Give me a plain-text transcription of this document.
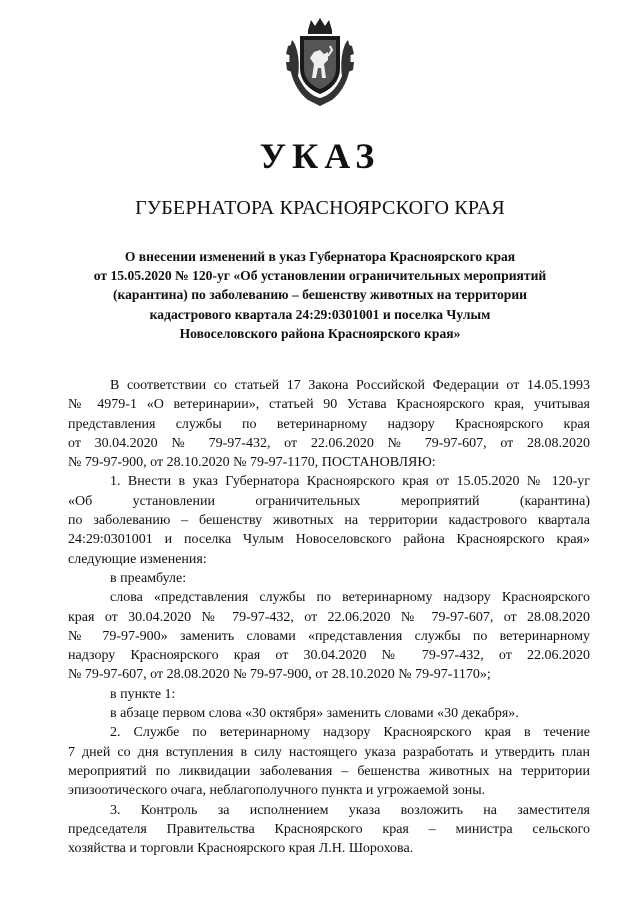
УКАЗ
ГУБЕРНАТОРА КРАСНОЯРСКОГО КРАЯ
О внесении изменений в указ Губернатора Красноярского края
от 15.05.2020 № 120-уг «Об установлении ограничительных мероприятий
(карантина) по заболеванию – бешенству животных на территории
кадастрового квартала 24:29:0301001 и поселка Чулым
Новоселовского района Красноярского края»
В соответствии со статьей 17 Закона Российской Федерации от 14.05.1993
№ 4979-1 «О ветеринарии», статьей 90 Устава Красноярского края, учитывая
представления службы по ветеринарному надзору Красноярского края
от 30.04.2020 № 79-97-432, от 22.06.2020 № 79-97-607, от 28.08.2020
№ 79-97-900, от 28.10.2020 № 79-97-1170, ПОСТАНОВЛЯЮ:
1. Внести в указ Губернатора Красноярского края от 15.05.2020 № 120-уг
«Об установлении ограничительных мероприятий (карантина)
по заболеванию – бешенству животных на территории кадастрового квартала
24:29:0301001 и поселка Чулым Новоселовского района Красноярского края»
следующие изменения:
в преамбуле:
слова «представления службы по ветеринарному надзору Красноярского
края от 30.04.2020 № 79-97-432, от 22.06.2020 № 79-97-607, от 28.08.2020
№ 79-97-900» заменить словами «представления службы по ветеринарному
надзору Красноярского края от 30.04.2020 № 79-97-432, от 22.06.2020
№ 79-97-607, от 28.08.2020 № 79-97-900, от 28.10.2020 № 79-97-1170»;
в пункте 1:
в абзаце первом слова «30 октября» заменить словами «30 декабря».
2. Службе по ветеринарному надзору Красноярского края в течение
7 дней со дня вступления в силу настоящего указа разработать и утвердить план
мероприятий по ликвидации заболевания – бешенства животных на территории
эпизоотического очага, неблагополучного пункта и угрожаемой зоны.
3. Контроль за исполнением указа возложить на заместителя
председателя Правительства Красноярского края – министра сельского
хозяйства и торговли Красноярского края Л.Н. Шорохова.
